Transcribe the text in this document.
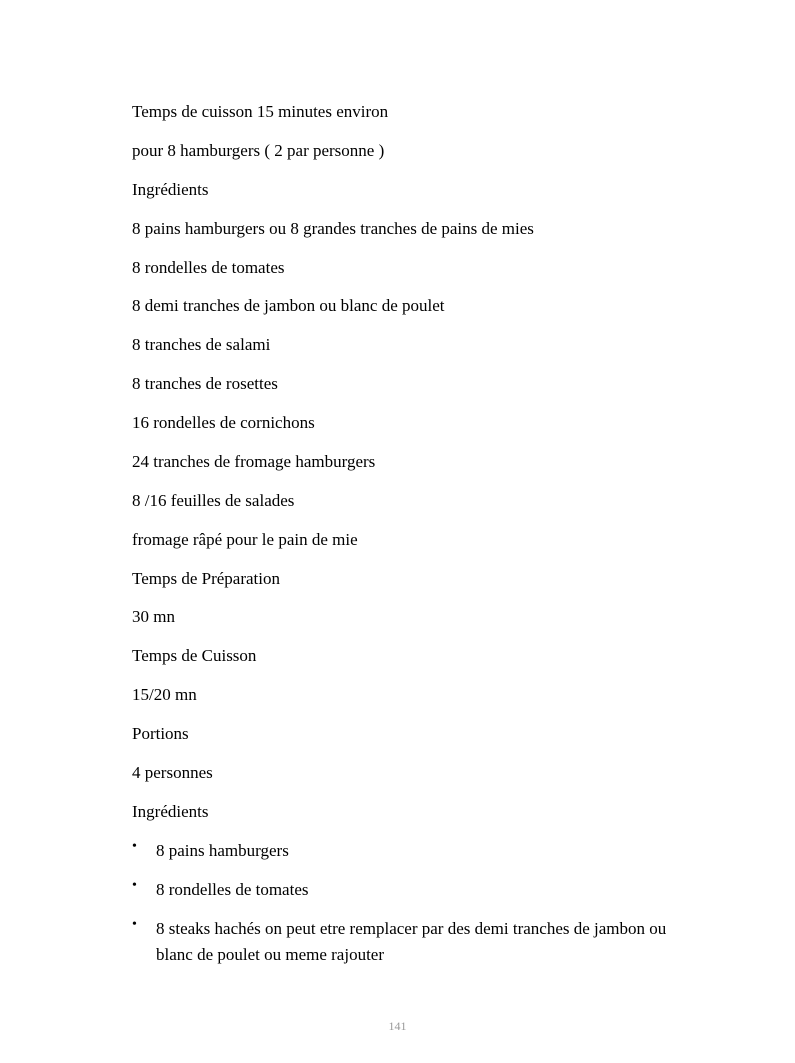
Temps de cuisson 15 minutes environ
pour 8 hamburgers ( 2 par personne )
Ingrédients
8 pains hamburgers ou 8 grandes tranches de pains de mies
8 rondelles de tomates
8 demi tranches de jambon ou blanc de poulet
8 tranches de salami
8 tranches de rosettes
16 rondelles de cornichons
24 tranches de fromage hamburgers
8 /16 feuilles de salades
fromage râpé pour le pain de mie
Temps de Préparation
30 mn
Temps de Cuisson
15/20 mn
Portions
4 personnes
Ingrédients
• 8 pains hamburgers
• 8 rondelles de tomates
• 8 steaks hachés on peut etre remplacer par des demi tranches de jambon ou blanc de poulet ou meme rajouter
141
